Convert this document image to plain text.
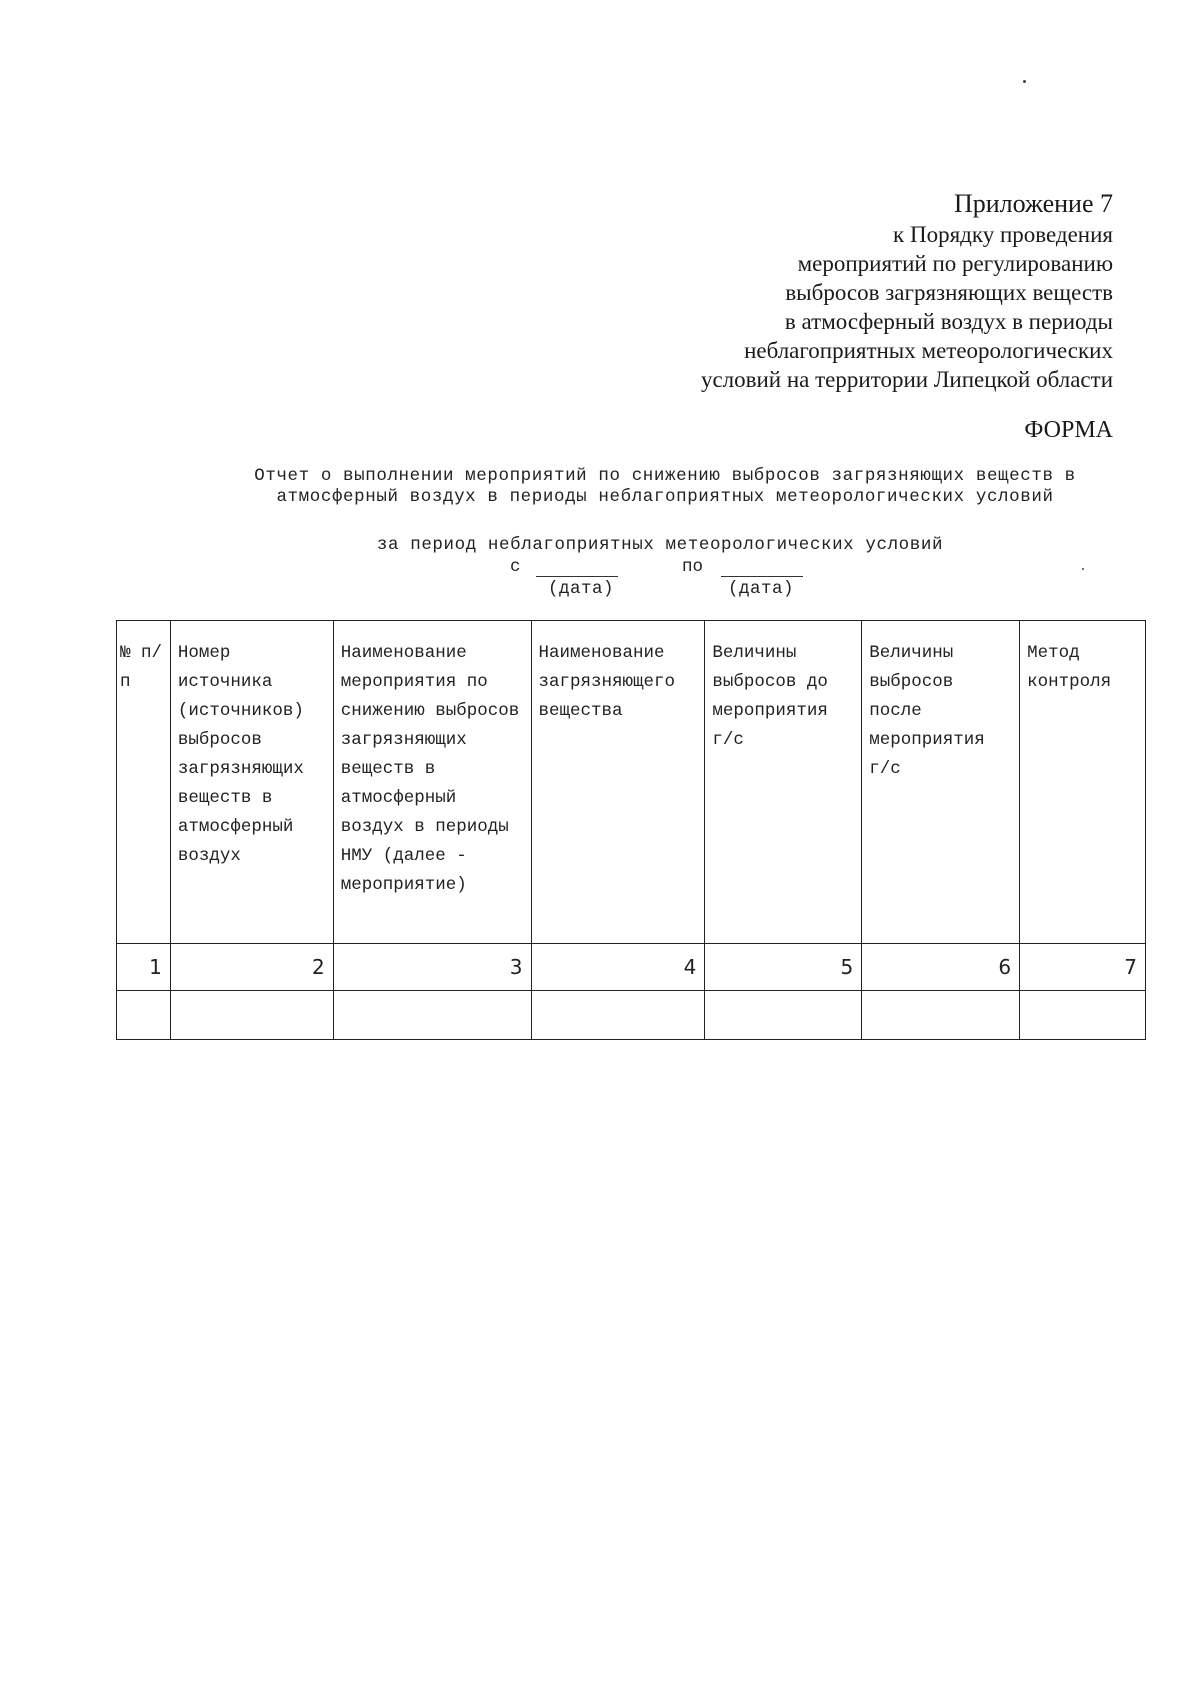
Приложение 7
к Порядку проведения
мероприятий по регулированию
выбросов загрязняющих веществ
в атмосферный воздух в периоды
неблагоприятных метеорологических
условий на территории Липецкой области
ФОРМА
Отчет о выполнении мероприятий по снижению выбросов загрязняющих веществ в
атмосферный воздух в периоды неблагоприятных метеорологических условий
за период неблагоприятных метеорологических условий
с
(дата)
по
(дата)
№ п/п	Номер источника (источников) выбросов загрязняющих веществ в атмосферный воздух	Наименование мероприятия по снижению выбросов загрязняющих веществ в атмосферный воздух в периоды НМУ (далее - мероприятие)	Наименование загрязняющего вещества	Величины выбросов до мероприятия г/с	Величины выбросов после мероприятия г/с	Метод контроля
1	2	3	4	5	6	7
